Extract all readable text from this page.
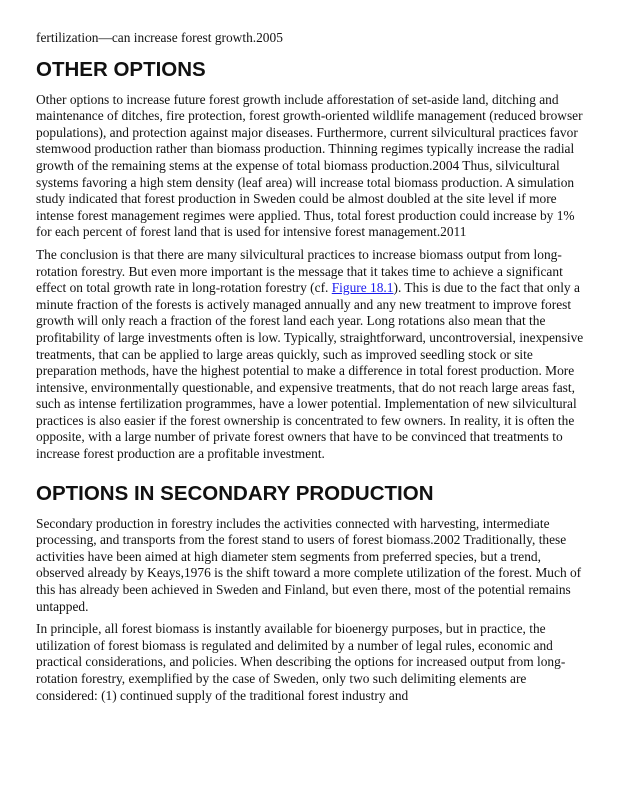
fertilization—can increase forest growth.2005

OTHER OPTIONS

Other options to increase future forest growth include afforestation of set-aside land, ditching and maintenance of ditches, fire protection, forest growth-oriented wildlife management (reduced browser populations), and protection against major diseases. Furthermore, current silvicultural practices favor stemwood production rather than biomass production. Thinning regimes typically increase the radial growth of the remaining stems at the expense of total biomass production.2004 Thus, silvicultural systems favoring a high stem density (leaf area) will increase total biomass production. A simulation study indicated that forest production in Sweden could be almost doubled at the site level if more intense forest management regimes were applied. Thus, total forest production could increase by 1% for each percent of forest land that is used for intensive forest management.2011

The conclusion is that there are many silvicultural practices to increase biomass output from long-rotation forestry. But even more important is the message that it takes time to achieve a significant effect on total growth rate in long-rotation forestry (cf. Figure 18.1). This is due to the fact that only a minute fraction of the forests is actively managed annually and any new treatment to improve forest growth will only reach a fraction of the forest land each year. Long rotations also mean that the profitability of large investments often is low. Typically, straightforward, uncontroversial, inexpensive treatments, that can be applied to large areas quickly, such as improved seedling stock or site preparation methods, have the highest potential to make a difference in total forest production. More intensive, environmentally questionable, and expensive treatments, that do not reach large areas fast, such as intense fertilization programmes, have a lower potential. Implementation of new silvicultural practices is also easier if the forest ownership is concentrated to few owners. In reality, it is often the opposite, with a large number of private forest owners that have to be convinced that treatments to increase forest production are a profitable investment.

OPTIONS IN SECONDARY PRODUCTION

Secondary production in forestry includes the activities connected with harvesting, intermediate processing, and transports from the forest stand to users of forest biomass.2002 Traditionally, these activities have been aimed at high diameter stem segments from preferred species, but a trend, observed already by Keays,1976 is the shift toward a more complete utilization of the forest. Much of this has already been achieved in Sweden and Finland, but even there, most of the potential remains untapped.

In principle, all forest biomass is instantly available for bioenergy purposes, but in practice, the utilization of forest biomass is regulated and delimited by a number of legal rules, economic and practical considerations, and policies. When describing the options for increased output from long-rotation forestry, exemplified by the case of Sweden, only two such delimiting elements are considered: (1) continued supply of the traditional forest industry and
